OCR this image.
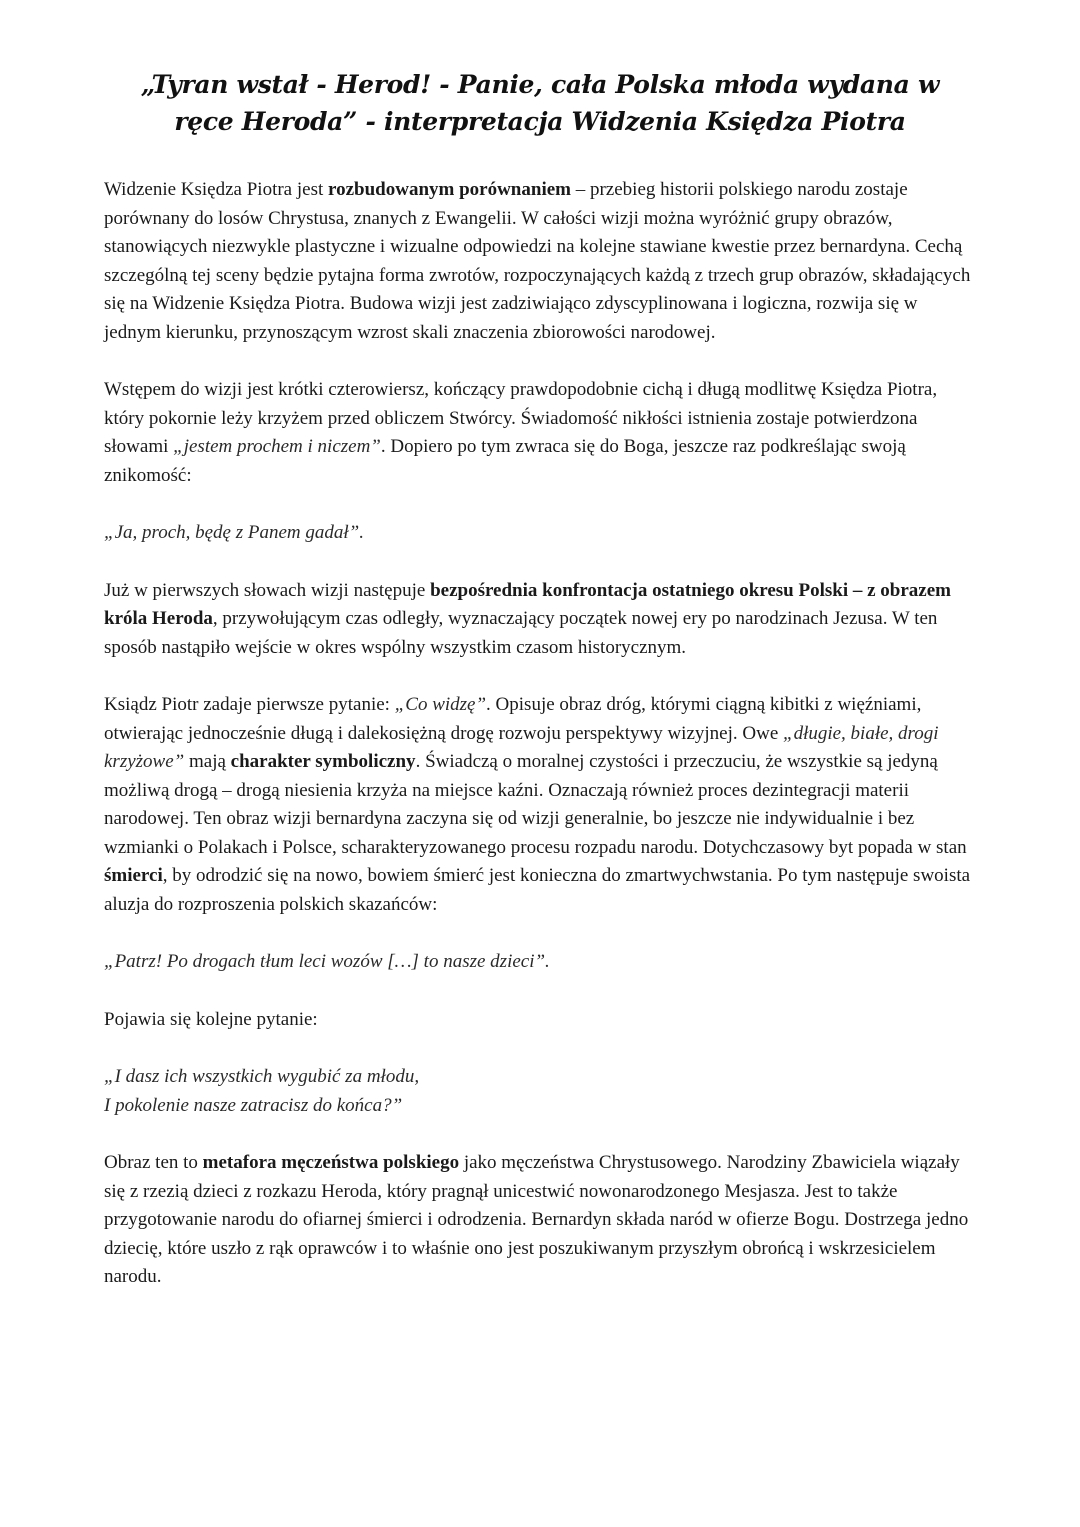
„Tyran wstał - Herod! - Panie, cała Polska młoda wydana w ręce Heroda” - interpretacja Widzenia Księdza Piotra

Widzenie Księdza Piotra jest rozbudowanym porównaniem – przebieg historii polskiego narodu zostaje porównany do losów Chrystusa, znanych z Ewangelii. W całości wizji można wyróżnić grupy obrazów, stanowiących niezwykle plastyczne i wizualne odpowiedzi na kolejne stawiane kwestie przez bernardyna. Cechą szczególną tej sceny będzie pytajna forma zwrotów, rozpoczynających każdą z trzech grup obrazów, składających się na Widzenie Księdza Piotra. Budowa wizji jest zadziwiająco zdyscyplinowana i logiczna, rozwija się w jednym kierunku, przynoszącym wzrost skali znaczenia zbiorowości narodowej.

Wstępem do wizji jest krótki czterowiersz, kończący prawdopodobnie cichą i długą modlitwę Księdza Piotra, który pokornie leży krzyżem przed obliczem Stwórcy. Świadomość nikłości istnienia zostaje potwierdzona słowami „jestem prochem i niczem”. Dopiero po tym zwraca się do Boga, jeszcze raz podkreślając swoją znikomość:

„Ja, proch, będę z Panem gadał”.

Już w pierwszych słowach wizji następuje bezpośrednia konfrontacja ostatniego okresu Polski – z obrazem króla Heroda, przywołującym czas odległy, wyznaczający początek nowej ery po narodzinach Jezusa. W ten sposób nastąpiło wejście w okres wspólny wszystkim czasom historycznym.

Ksiądz Piotr zadaje pierwsze pytanie: „Co widzę”. Opisuje obraz dróg, którymi ciągną kibitki z więźniami, otwierając jednocześnie długą i dalekosiężną drogę rozwoju perspektywy wizyjnej. Owe „długie, białe, drogi krzyżowe” mają charakter symboliczny. Świadczą o moralnej czystości i przeczuciu, że wszystkie są jedyną możliwą drogą – drogą niesienia krzyża na miejsce kaźni. Oznaczają również proces dezintegracji materii narodowej. Ten obraz wizji bernardyna zaczyna się od wizji generalnie, bo jeszcze nie indywidualnie i bez wzmianki o Polakach i Polsce, scharakteryzowanego procesu rozpadu narodu. Dotychczasowy byt popada w stan śmierci, by odrodzić się na nowo, bowiem śmierć jest konieczna do zmartwychwstania. Po tym następuje swoista aluzja do rozproszenia polskich skazańców:

„Patrz! Po drogach tłum leci wozów […] to nasze dzieci”.

Pojawia się kolejne pytanie:

„I dasz ich wszystkich wygubić za młodu,
I pokolenie nasze zatracisz do końca?”

Obraz ten to metafora męczeństwa polskiego jako męczeństwa Chrystusowego. Narodziny Zbawiciela wiązały się z rzezią dzieci z rozkazu Heroda, który pragnął unicestwić nowonarodzonego Mesjasza. Jest to także przygotowanie narodu do ofiarnej śmierci i odrodzenia. Bernardyn składa naród w ofierze Bogu. Dostrzega jedno dziecię, które uszło z rąk oprawców i to właśnie ono jest poszukiwanym przyszłym obrońcą i wskrzesicielem narodu.
